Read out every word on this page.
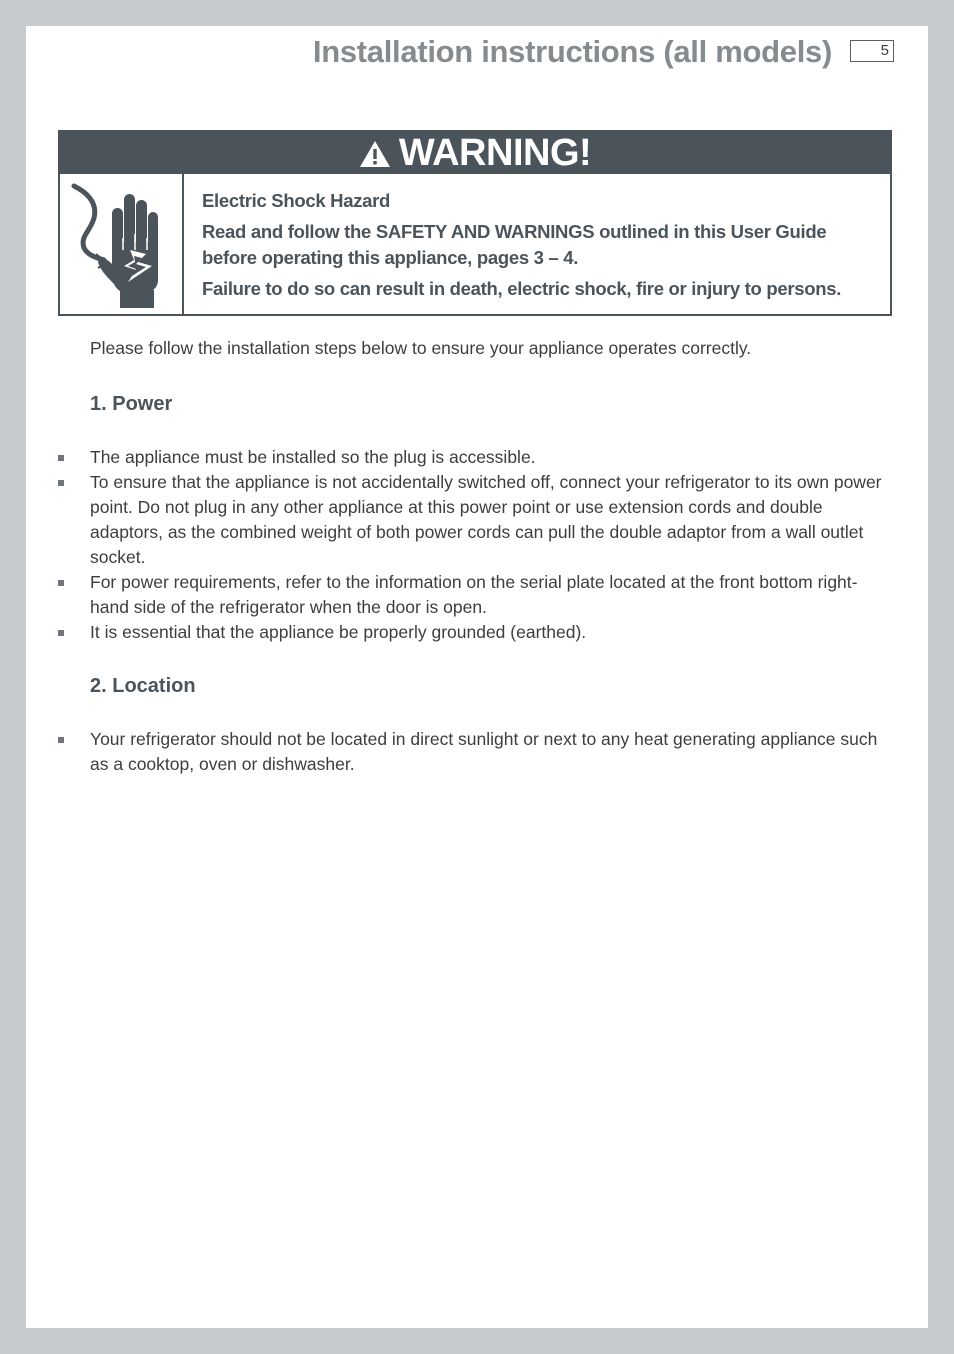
Installation instructions (all models)	5
WARNING!

Electric Shock Hazard

Read and follow the SAFETY AND WARNINGS outlined in this User Guide before operating this appliance, pages 3 – 4.

Failure to do so can result in death, electric shock, fire or injury to persons.

Please follow the installation steps below to ensure your appliance operates correctly.
1. Power
The appliance must be installed so the plug is accessible.
To ensure that the appliance is not accidentally switched off, connect your refrigerator to its own power point. Do not plug in any other appliance at this power point or use extension cords and double adaptors, as the combined weight of both power cords can pull the double adaptor from a wall outlet socket.
For power requirements, refer to the information on the serial plate located at the front bottom right-hand side of the refrigerator when the door is open.
It is essential that the appliance be properly grounded (earthed).
2. Location
Your refrigerator should not be located in direct sunlight or next to any heat generating appliance such as a cooktop, oven or dishwasher.
